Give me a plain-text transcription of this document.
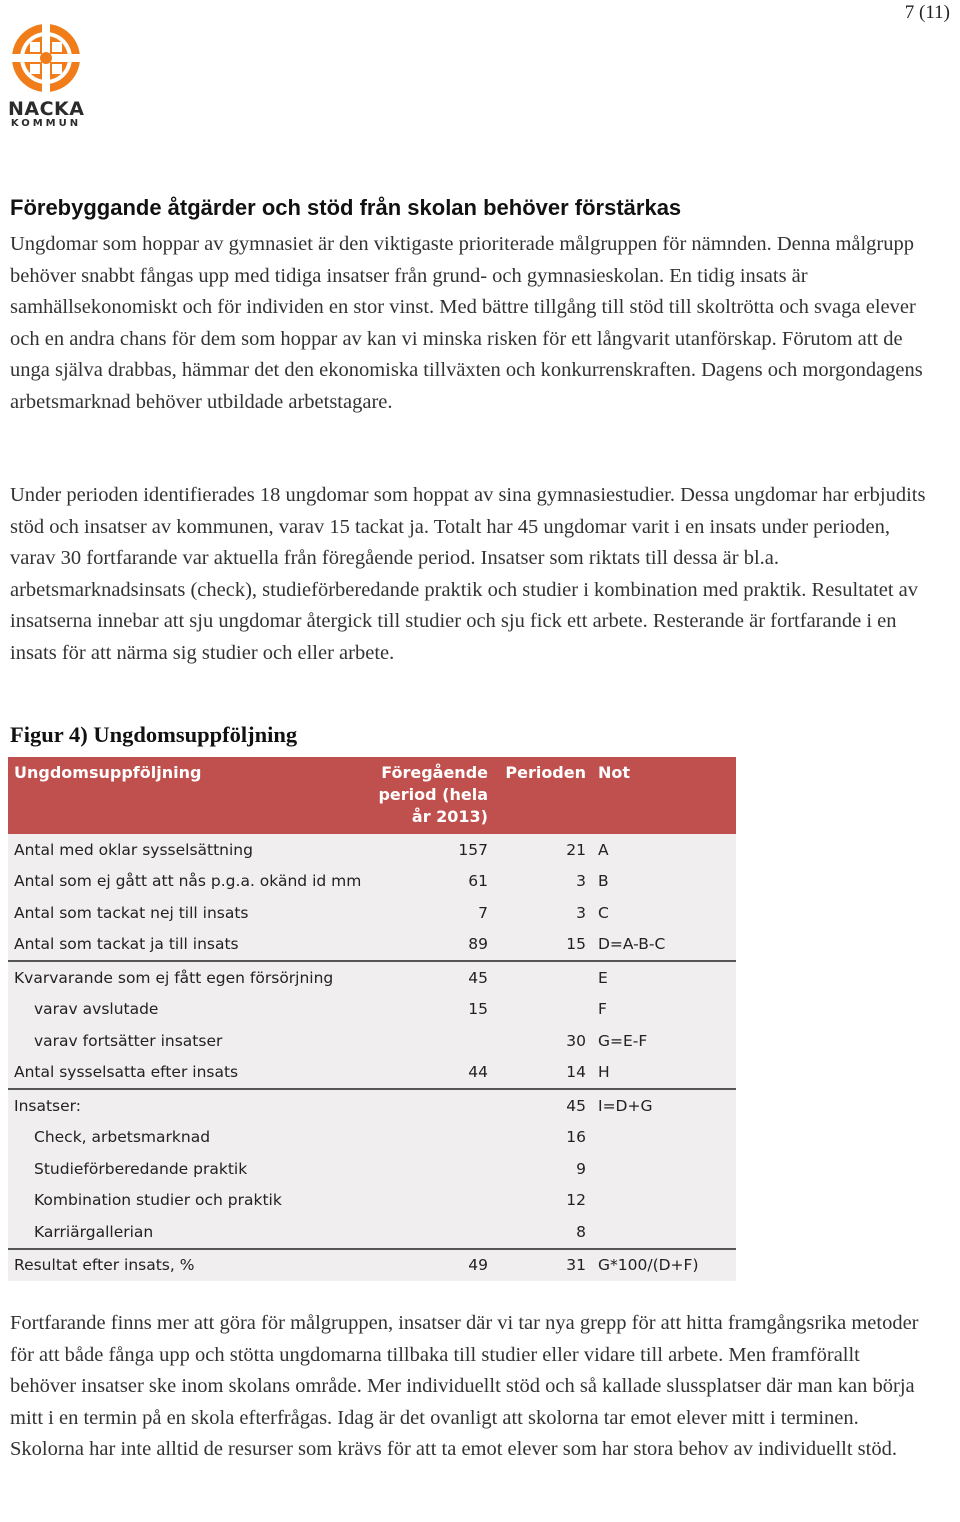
7 (11)
NACKA
KOMMUN
Förebyggande åtgärder och stöd från skolan behöver förstärkas

Ungdomar som hoppar av gymnasiet är den viktigaste prioriterade målgruppen för nämnden. Denna målgrupp behöver snabbt fångas upp med tidiga insatser från grund- och gymnasieskolan. En tidig insats är samhällsekonomiskt och för individen en stor vinst. Med bättre tillgång till stöd till skoltrötta och svaga elever och en andra chans för dem som hoppar av kan vi minska risken för ett långvarit utanförskap. Förutom att de unga själva drabbas, hämmar det den ekonomiska tillväxten och konkurrenskraften. Dagens och morgondagens arbetsmarknad behöver utbildade arbetstagare.

Under perioden identifierades 18 ungdomar som hoppat av sina gymnasiestudier. Dessa ungdomar har erbjudits stöd och insatser av kommunen, varav 15 tackat ja. Totalt har 45 ungdomar varit i en insats under perioden, varav 30 fortfarande var aktuella från föregående period. Insatser som riktats till dessa är bl.a. arbetsmarknadsinsats (check), studieförberedande praktik och studier i kombination med praktik. Resultatet av insatserna innebar att sju ungdomar återgick till studier och sju fick ett arbete. Resterande är fortfarande i en insats för att närma sig studier och eller arbete.

Figur 4) Ungdomsuppföljning
Ungdomsuppföljning	Föregående period (hela år 2013)	Perioden	Not
Antal med oklar sysselsättning	157	21	A
Antal som ej gått att nås p.g.a. okänd id mm	61	3	B
Antal som tackat nej till insats	7	3	C
Antal som tackat ja till insats	89	15	D=A-B-C
Kvarvarande som ej fått egen försörjning	45		E
varav avslutade	15		F
varav fortsätter insatser		30	G=E-F
Antal sysselsatta efter insats	44	14	H
Insatser:		45	I=D+G
Check, arbetsmarknad		16	
Studieförberedande praktik		9	
Kombination studier och praktik		12	
Karriärgallerian		8	
Resultat efter insats, %	49	31	G*100/(D+F)

Fortfarande finns mer att göra för målgruppen, insatser där vi tar nya grepp för att hitta framgångsrika metoder för att både fånga upp och stötta ungdomarna tillbaka till studier eller vidare till arbete. Men framförallt behöver insatser ske inom skolans område. Mer individuellt stöd och så kallade slussplatser där man kan börja mitt i en termin på en skola efterfrågas. Idag är det ovanligt att skolorna tar emot elever mitt i terminen. Skolorna har inte alltid de resurser som krävs för att ta emot elever som har stora behov av individuellt stöd.
